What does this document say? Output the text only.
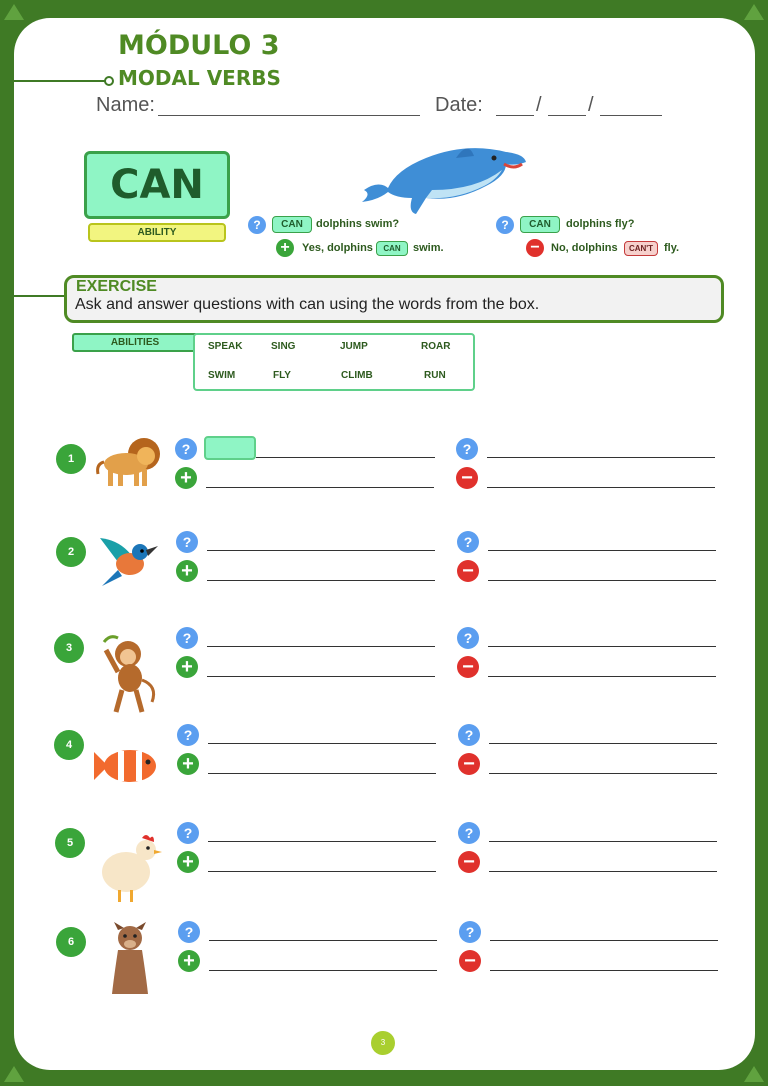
MÓDULO 3
MODAL VERBS
Name:	Date:	/ /
CAN
ABILITY
?	CAN	dolphins swim?
+	Yes, dolphins	CAN	swim.
?	CAN	dolphins fly?
−	No, dolphins	CAN'T fly.
EXERCISE
Ask and answer questions with can using the words from the box.
ABILITIES	SPEAK	SING	JUMP	ROAR
SWIM	FLY	CLIMB	RUN
1
?
+
?
−
2
?
+
?
−
3
?
+
?
−
4
?
+
?
−
5
?
+
?
−
6
?
+
?
−
3
